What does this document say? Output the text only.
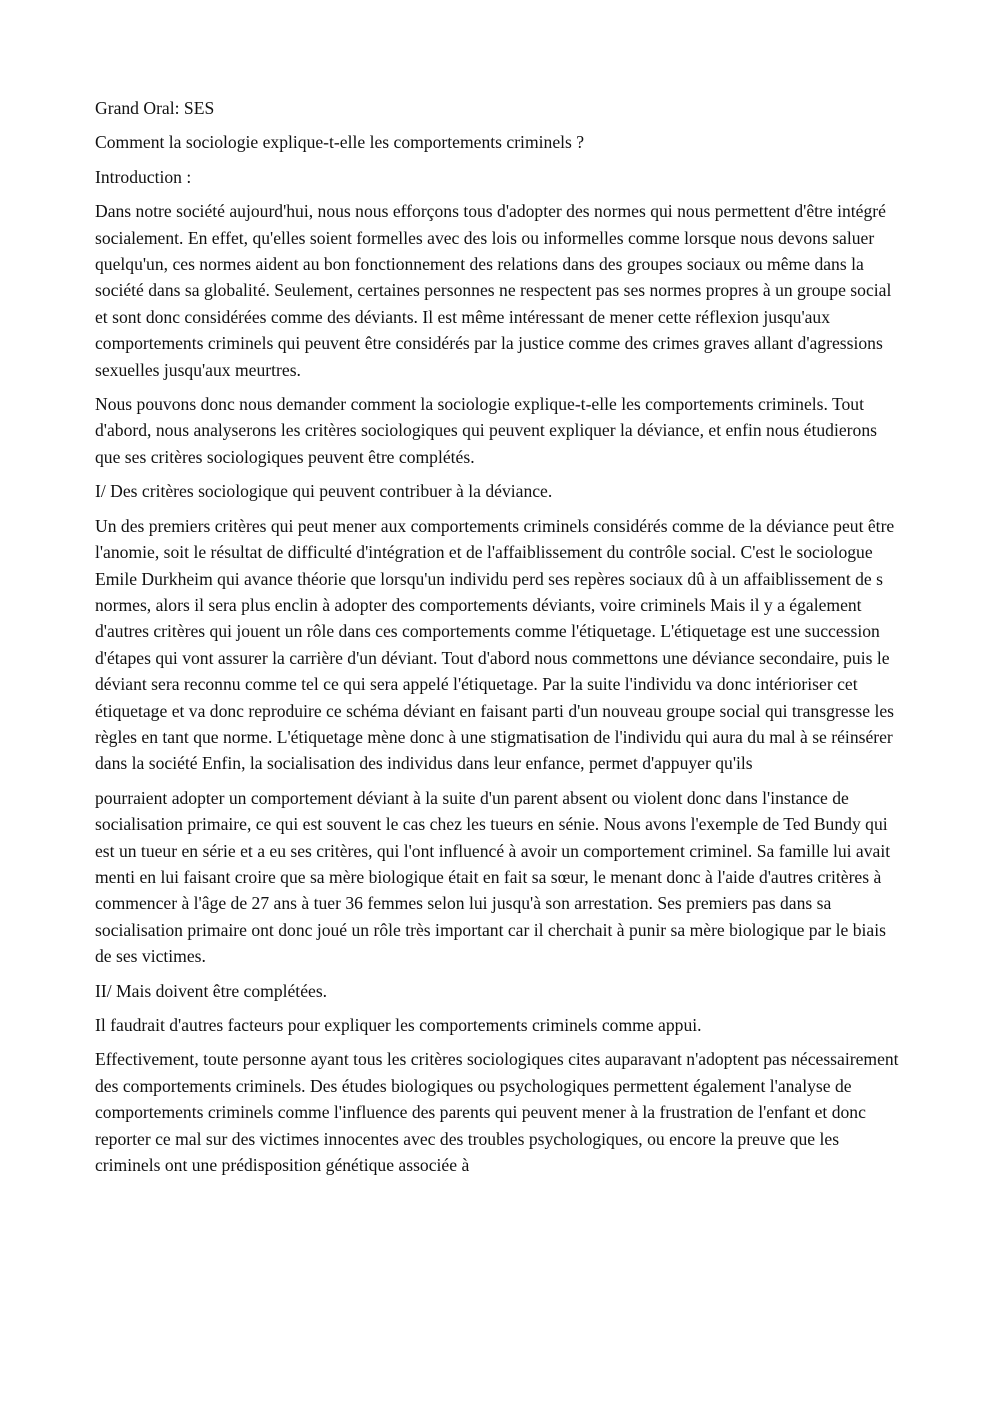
Grand Oral: SES

Comment la sociologie explique-t-elle les comportements criminels ?

Introduction :

Dans notre société aujourd'hui, nous nous efforçons tous d'adopter des normes qui nous permettent d'être intégré socialement. En effet, qu'elles soient formelles avec des lois ou informelles comme lorsque nous devons saluer quelqu'un, ces normes aident au bon fonctionnement des relations dans des groupes sociaux ou même dans la société dans sa globalité. Seulement, certaines personnes ne respectent pas ses normes propres à un groupe social et sont donc considérées comme des déviants. Il est même intéressant de mener cette réflexion jusqu'aux comportements criminels qui peuvent être considérés par la justice comme des crimes graves allant d'agressions sexuelles jusqu'aux meurtres.

Nous pouvons donc nous demander comment la sociologie explique-t-elle les comportements criminels. Tout d'abord, nous analyserons les critères sociologiques qui peuvent expliquer la déviance, et enfin nous étudierons que ses critères sociologiques peuvent être complétés.

I/ Des critères sociologique qui peuvent contribuer à la déviance.

Un des premiers critères qui peut mener aux comportements criminels considérés comme de la déviance peut être l'anomie, soit le résultat de difficulté d'intégration et de l'affaiblissement du contrôle social. C'est le sociologue Emile Durkheim qui avance théorie que lorsqu'un individu perd ses repères sociaux dû à un affaiblissement de s normes, alors il sera plus enclin à adopter des comportements déviants, voire criminels Mais il y a également d'autres critères qui jouent un rôle dans ces comportements comme l'étiquetage. L'étiquetage est une succession d'étapes qui vont assurer la carrière d'un déviant. Tout d'abord nous commettons une déviance secondaire, puis le déviant sera reconnu comme tel ce qui sera appelé l'étiquetage. Par la suite l'individu va donc intérioriser cet étiquetage et va donc reproduire ce schéma déviant en faisant parti d'un nouveau groupe social qui transgresse les règles en tant que norme. L'étiquetage mène donc à une stigmatisation de l'individu qui aura du mal à se réinsérer dans la société Enfin, la socialisation des individus dans leur enfance, permet d'appuyer qu'ils

pourraient adopter un comportement déviant à la suite d'un parent absent ou violent donc dans l'instance de socialisation primaire, ce qui est souvent le cas chez les tueurs en sénie. Nous avons l'exemple de Ted Bundy qui est un tueur en série et a eu ses critères, qui l'ont influencé à avoir un comportement criminel. Sa famille lui avait menti en lui faisant croire que sa mère biologique était en fait sa sœur, le menant donc à l'aide d'autres critères à commencer à l'âge de 27 ans à tuer 36 femmes selon lui jusqu'à son arrestation. Ses premiers pas dans sa socialisation primaire ont donc joué un rôle très important car il cherchait à punir sa mère biologique par le biais de ses victimes.

II/ Mais doivent être complétées.

Il faudrait d'autres facteurs pour expliquer les comportements criminels comme appui.

Effectivement, toute personne ayant tous les critères sociologiques cites auparavant n'adoptent pas nécessairement des comportements criminels. Des études biologiques ou psychologiques permettent également l'analyse de comportements criminels comme l'influence des parents qui peuvent mener à la frustration de l'enfant et donc reporter ce mal sur des victimes innocentes avec des troubles psychologiques, ou encore la preuve que les criminels ont une prédisposition génétique associée à
